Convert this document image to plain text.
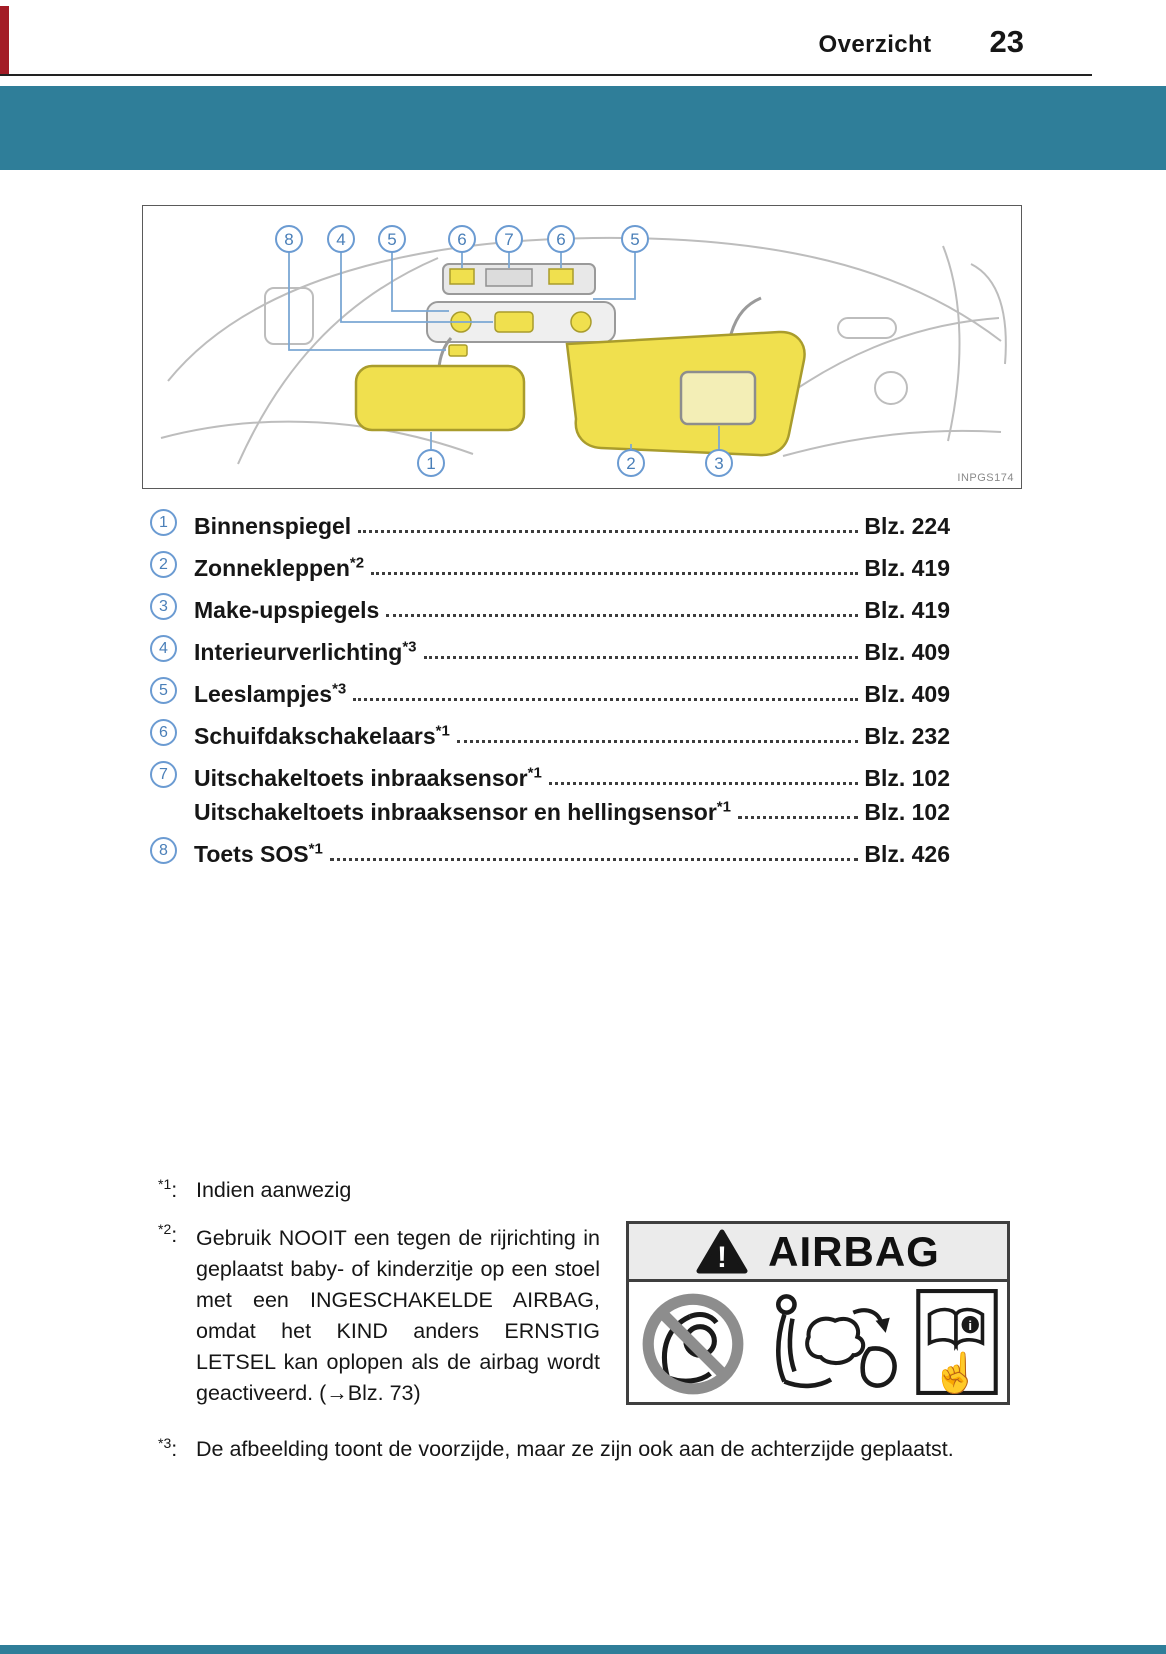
Overzicht 23
8	4 5	6 7	6	5
1	2	3
INPGS174
1	Binnenspiegel	Blz. 224
2	Zonnekleppen$^{*2}$	Blz. 419
3	Make-upspiegels	Blz. 419
4	Interieurverlichting$^{*3}$	Blz. 409
5	Leeslampjes$^{*3}$	Blz. 409
6	Schuifdakschakelaars$^{*1}$	Blz. 232
7	Uitschakeltoets inbraaksensor$^{*1}$	Blz. 102
Uitschakeltoets inbraaksensor en hellingsensor$^{*1}$	Blz. 102
8	Toets SOS$^{*1}$	Blz. 426
$^{*1}$: Indien aanwezig
$^{*2}$: Gebruik NOOIT een tegen de rijrichting in geplaatst baby- of kinderzitje op een stoel met een INGESCHAKELDE AIRBAG, omdat het KIND anders ERNSTIG LETSEL kan oplopen als de airbag wordt geactiveerd. (→Blz. 73)
! AIRBAG
i
☝
$^{*3}$: De afbeelding toont de voorzijde, maar ze zijn ook aan de achterzijde geplaatst.
